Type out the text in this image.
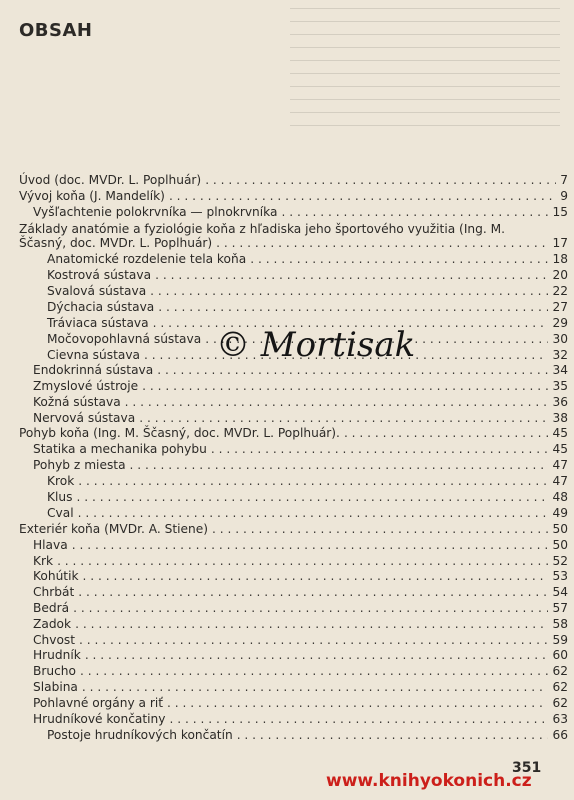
OBSAH
Úvod (doc. MVDr. L. Poplhuár) . . .	7
Vývoj koňa (J. Mandelík) . . .	9
Vyšľachtenie polokrvníka — plnokrvníka . . .	15
Základy anatómie a fyziológie koňa z hľadiska jeho športového využitia (Ing. M.
Ščasný, doc. MVDr. L. Poplhuár) . . .	17
Anatomické rozdelenie tela koňa . . .	18
Kostrová sústava . . .	20
Svalová sústava . . .	22
Dýchacia sústava . . .	27
Tráviaca sústava . . .	29
Močovopohlavná sústava . . .	30
Cievna sústava . . .	32
Endokrinná sústava . . .	34
Zmyslové ústroje . . .	35
Kožná sústava . . .	36
Nervová sústava . . .	38
Pohyb koňa (Ing. M. Ščasný, doc. MVDr. L. Poplhuár). . . .	45
Statika a mechanika pohybu . . .	45
Pohyb z miesta . . .	47
Krok . . .	47
Klus . . .	48
Cval . . .	49
Exteriér koňa (MVDr. A. Stiene) . . .	50
Hlava . . .	50
Krk . . .	52
Kohútik . . .	53
Chrbát . . .	54
Bedrá . . .	57
Zadok . . .	58
Chvost . . .	59
Hrudník . . .	60
Brucho . . .	62
Slabina . . .	62
Pohlavné orgány a riť . . .	62
Hrudníkové končatiny . . .	63
Postoje hrudníkových končatín . . .	66
© Mortisak
351
www.knihyokonich.cz
